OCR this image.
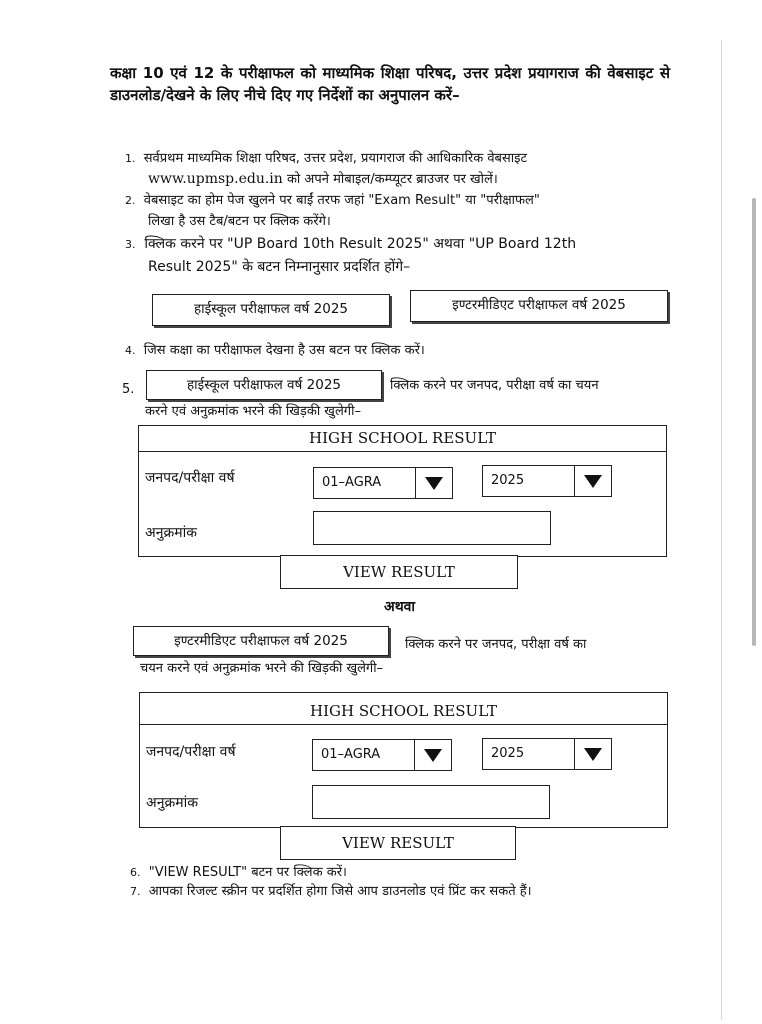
कक्षा 10 एवं 12 के परीक्षाफल को माध्यमिक शिक्षा परिषद, उत्तर प्रदेश प्रयागराज की वेबसाइट से डाउनलोड/देखने के लिए नीचे दिए गए निर्देशों का अनुपालन करें–
1. सर्वप्रथम माध्यमिक शिक्षा परिषद, उत्तर प्रदेश, प्रयागराज की आधिकारिक वेबसाइट
www.upmsp.edu.in को अपने मोबाइल/कम्प्यूटर ब्राउजर पर खोलें।
2. वेबसाइट का होम पेज खुलने पर बाईं तरफ जहां "Exam Result" या "परीक्षाफल"
लिखा है उस टैब/बटन पर क्लिक करेंगे।
3. क्लिक करने पर "UP Board 10th Result 2025" अथवा "UP Board 12th
Result 2025" के बटन निम्नानुसार प्रदर्शित होंगे–
हाईस्कूल परीक्षाफल वर्ष 2025	इण्टरमीडिएट परीक्षाफल वर्ष 2025
4. जिस कक्षा का परीक्षाफल देखना है उस बटन पर क्लिक करें।
5.	हाईस्कूल परीक्षाफल वर्ष 2025	क्लिक करने पर जनपद, परीक्षा वर्ष का चयन
करने एवं अनुक्रमांक भरने की खिड़की खुलेगी–
HIGH SCHOOL RESULT
जनपद/परीक्षा वर्ष	01–AGRA	2025
अनुक्रमांक
VIEW RESULT
अथवा
इण्टरमीडिएट परीक्षाफल वर्ष 2025	क्लिक करने पर जनपद, परीक्षा वर्ष का
चयन करने एवं अनुक्रमांक भरने की खिड़की खुलेगी–
HIGH SCHOOL RESULT
जनपद/परीक्षा वर्ष	01–AGRA	2025
अनुक्रमांक
VIEW RESULT
6. "VIEW RESULT" बटन पर क्लिक करें।
7. आपका रिजल्ट स्क्रीन पर प्रदर्शित होगा जिसे आप डाउनलोड एवं प्रिंट कर सकते हैं।
